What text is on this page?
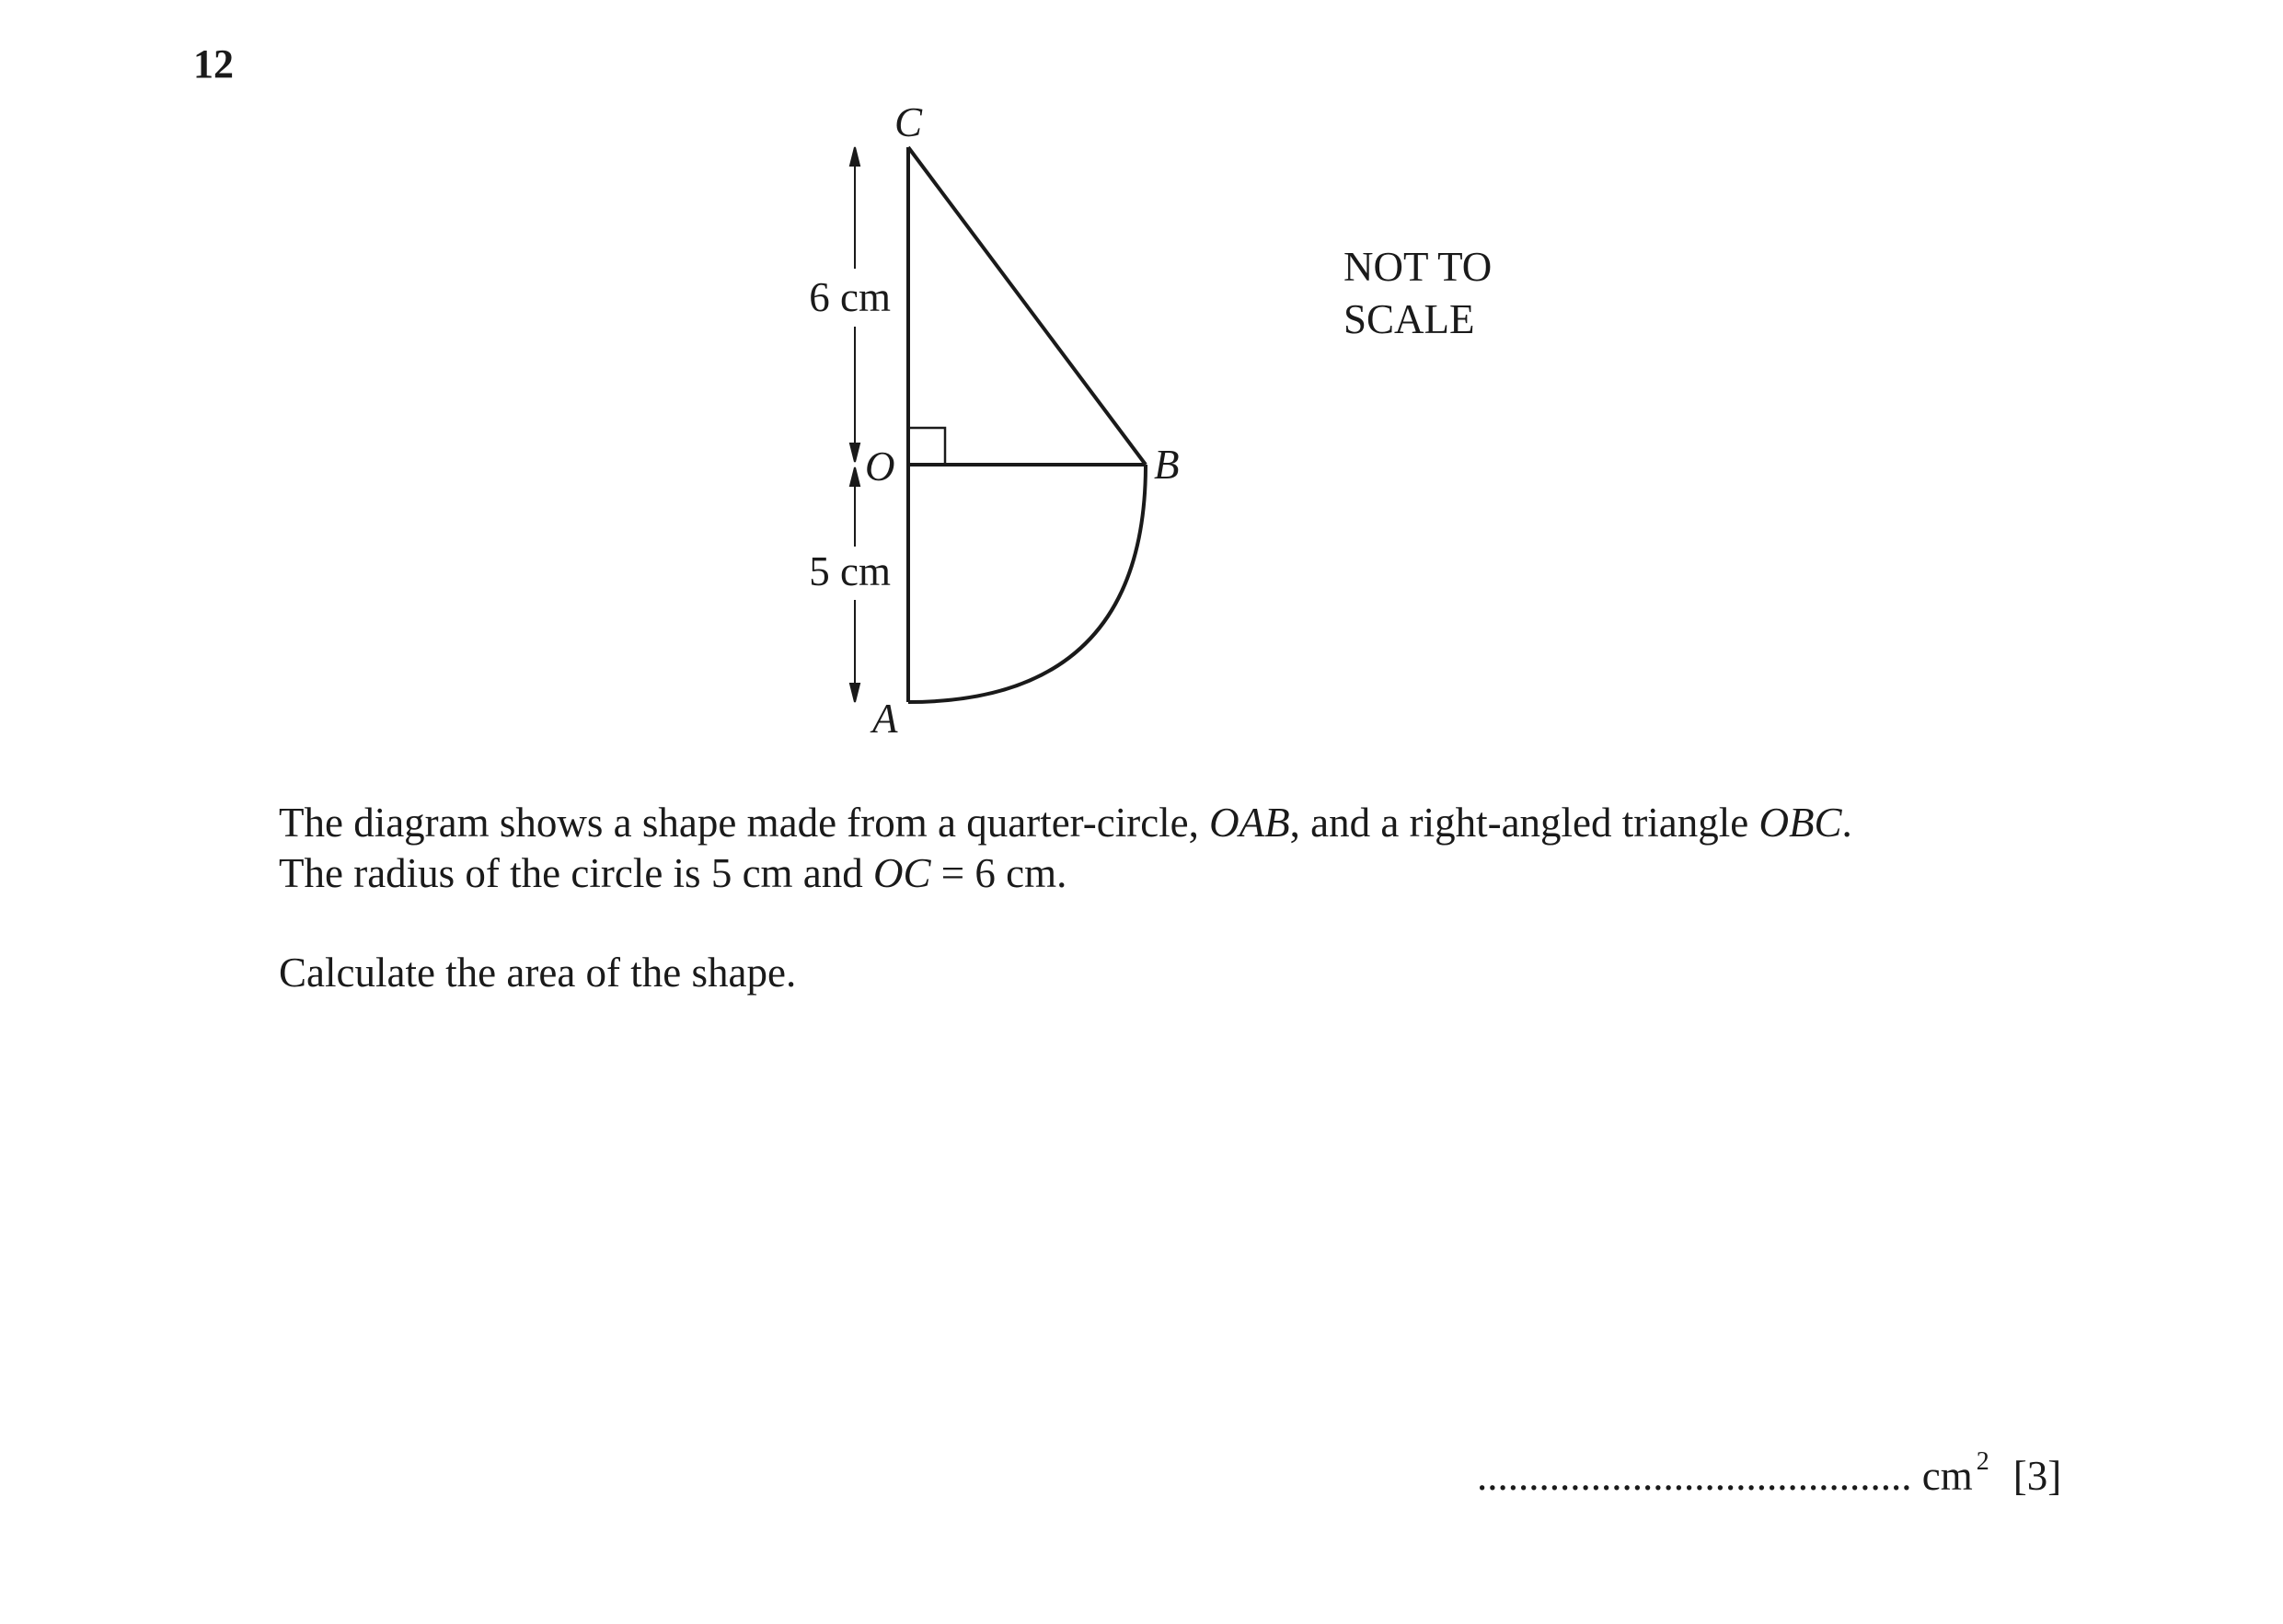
12
C
O	B
A
6 cm
5 cm
NOT TO
SCALE
The diagram shows a shape made from a quarter-circle, OAB, and a right-angled triangle OBC.
The radius of the circle is 5 cm and OC = 6 cm.
Calculate the area of the shape.
.......................................... cm $^2$ [3]
